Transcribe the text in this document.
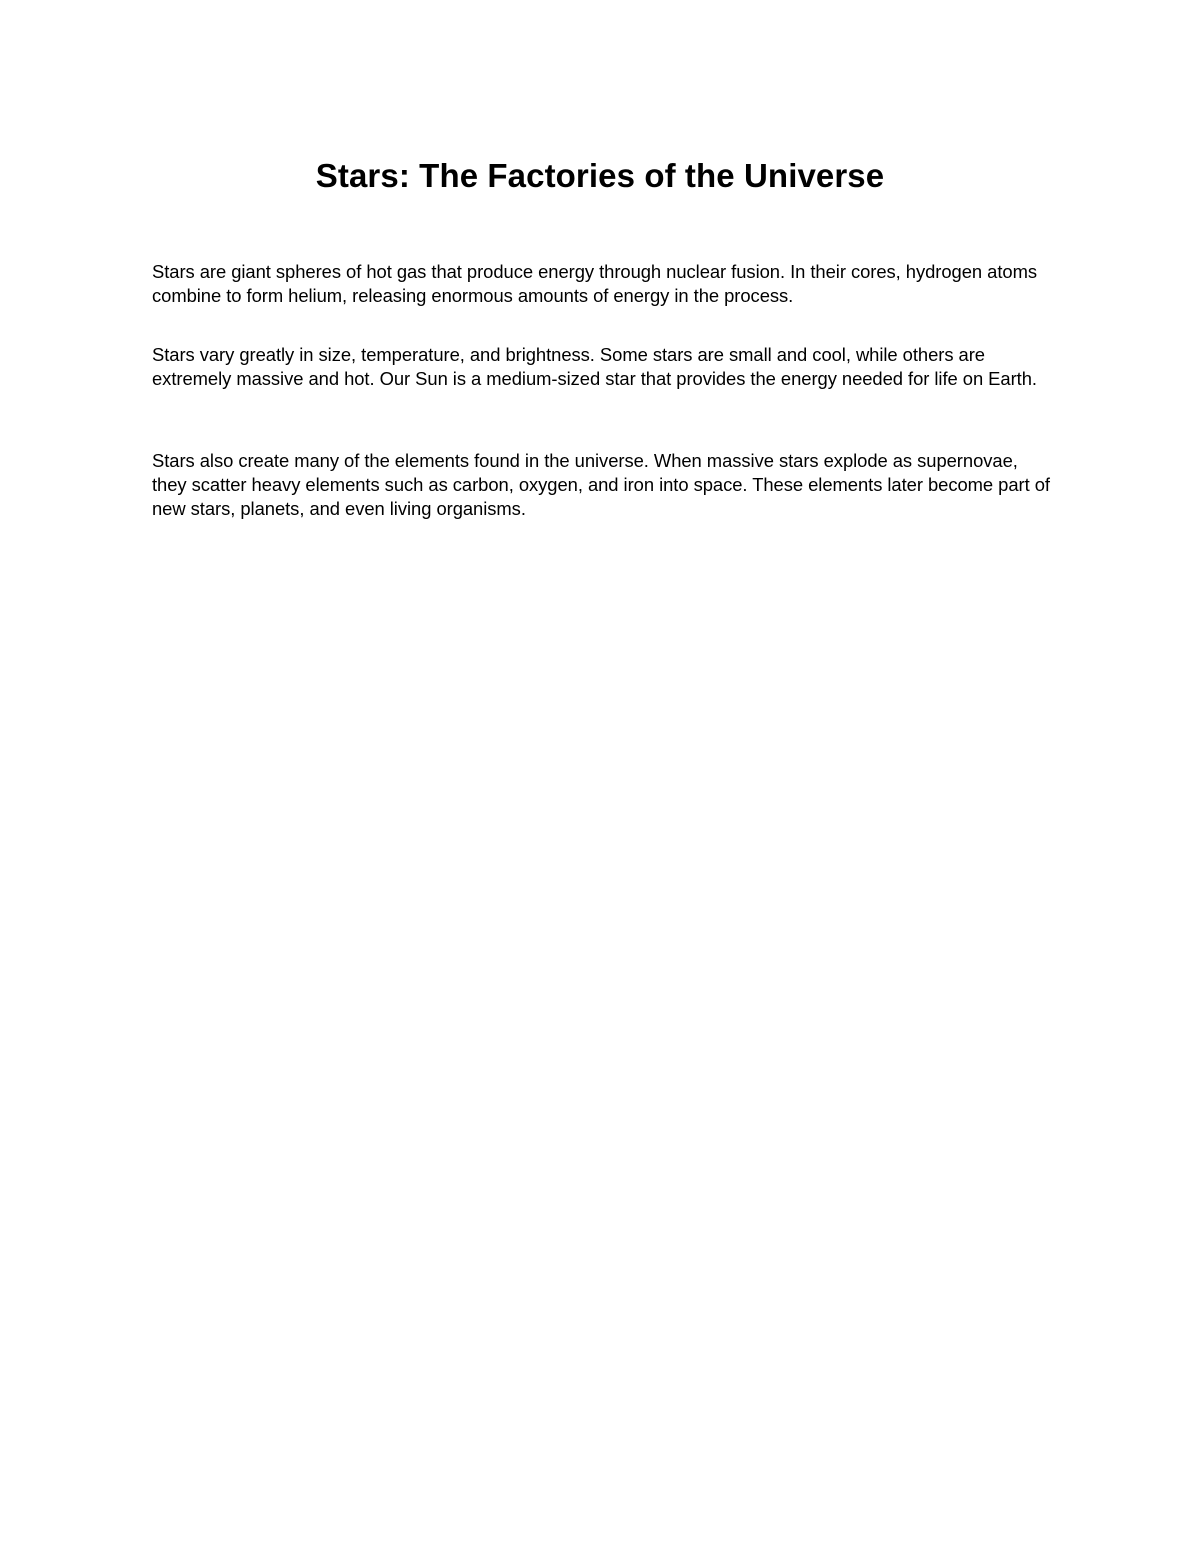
Stars: The Factories of the Universe

Stars are giant spheres of hot gas that produce energy through nuclear fusion. In their cores, hydrogen atoms combine to form helium, releasing enormous amounts of energy in the process.

Stars vary greatly in size, temperature, and brightness. Some stars are small and cool, while others are extremely massive and hot. Our Sun is a medium-sized star that provides the energy needed for life on Earth.

Stars also create many of the elements found in the universe. When massive stars explode as supernovae, they scatter heavy elements such as carbon, oxygen, and iron into space. These elements later become part of new stars, planets, and even living organisms.
